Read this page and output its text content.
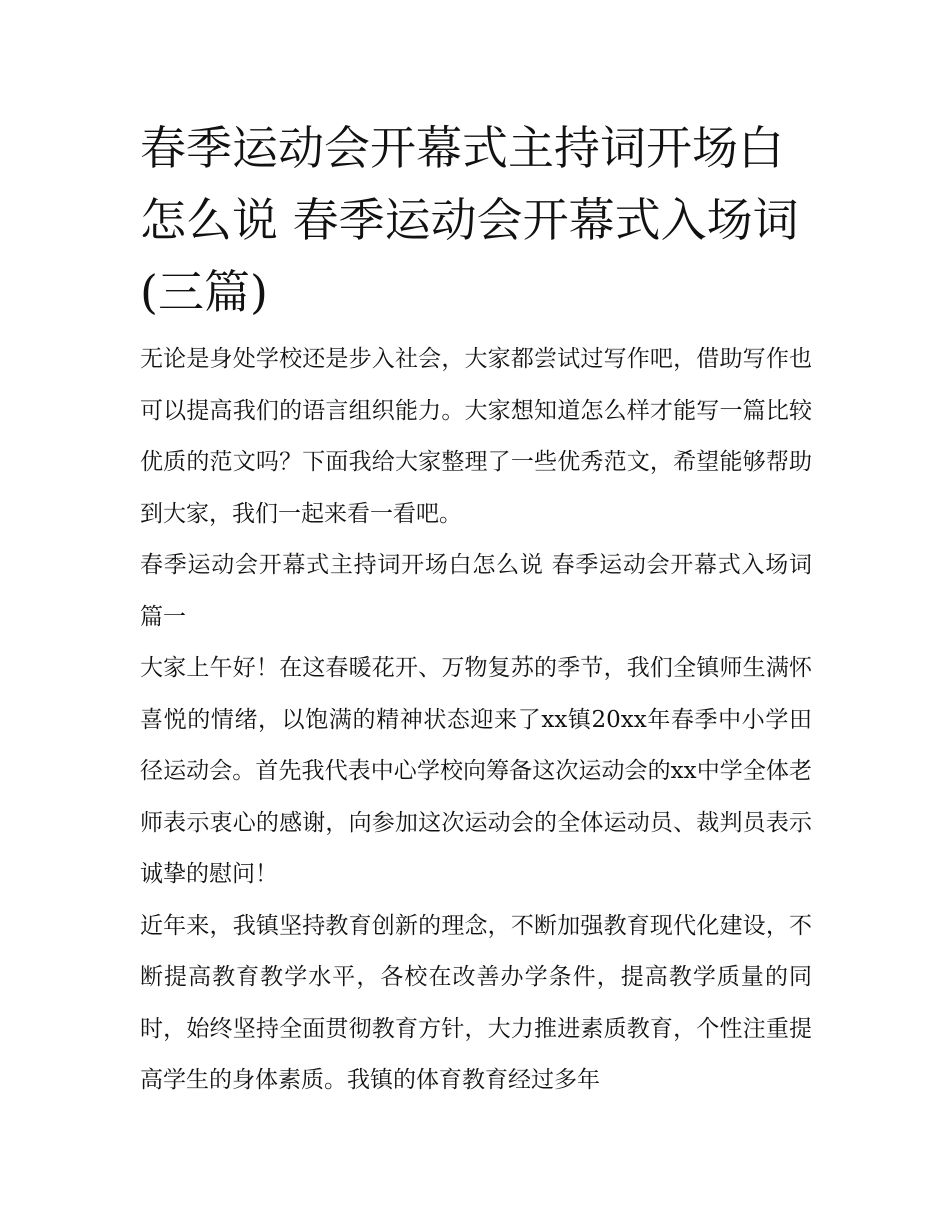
春季运动会开幕式主持词开场白怎么说 春季运动会开幕式入场词(三篇)

无论是身处学校还是步入社会，大家都尝试过写作吧，借助写作也可以提高我们的语言组织能力。大家想知道怎么样才能写一篇比较优质的范文吗？下面我给大家整理了一些优秀范文，希望能够帮助到大家，我们一起来看一看吧。

春季运动会开幕式主持词开场白怎么说 春季运动会开幕式入场词篇一

大家上午好！在这春暖花开、万物复苏的季节，我们全镇师生满怀喜悦的情绪，以饱满的精神状态迎来了xx镇20xx年春季中小学田径运动会。首先我代表中心学校向筹备这次运动会的xx中学全体老师表示衷心的感谢，向参加这次运动会的全体运动员、裁判员表示诚挚的慰问！

近年来，我镇坚持教育创新的理念，不断加强教育现代化建设，不断提高教育教学水平，各校在改善办学条件，提高教学质量的同时，始终坚持全面贯彻教育方针，大力推进素质教育，个性注重提高学生的身体素质。我镇的体育教育经过多年
